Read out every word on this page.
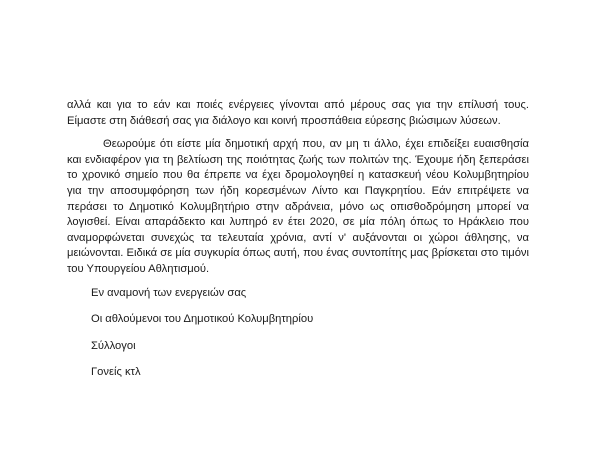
αλλά και για το εάν και ποιές ενέργειες γίνονται από μέρους σας για την επίλυσή τους. Είμαστε στη διάθεσή σας για διάλογο και κοινή προσπάθεια εύρεσης βιώσιμων λύσεων.

Θεωρούμε ότι είστε μία δημοτική αρχή που, αν μη τι άλλο, έχει επιδείξει ευαισθησία και ενδιαφέρον για τη βελτίωση της ποιότητας ζωής των πολιτών της. Έχουμε ήδη ξεπεράσει το χρονικό σημείο που θα έπρεπε να έχει δρομολογηθεί η κατασκευή νέου Κολυμβητηρίου για την αποσυμφόρηση των ήδη κορεσμένων Λίντο και Παγκρητίου. Εάν επιτρέψετε να περάσει το Δημοτικό Κολυμβητήριο στην αδράνεια, μόνο ως οπισθοδρόμηση μπορεί να λογισθεί. Είναι απαράδεκτο και λυπηρό εν έτει 2020, σε μία πόλη όπως το Ηράκλειο που αναμορφώνεται συνεχώς τα τελευταία χρόνια, αντί ν' αυξάνονται οι χώροι άθλησης, να μειώνονται. Ειδικά σε μία συγκυρία όπως αυτή, που ένας συντοπίτης μας βρίσκεται στο τιμόνι του Υπουργείου Αθλητισμού.

Εν αναμονή των ενεργειών σας

Οι αθλούμενοι του Δημοτικού Κολυμβητηρίου

Σύλλογοι

Γονείς κτλ
